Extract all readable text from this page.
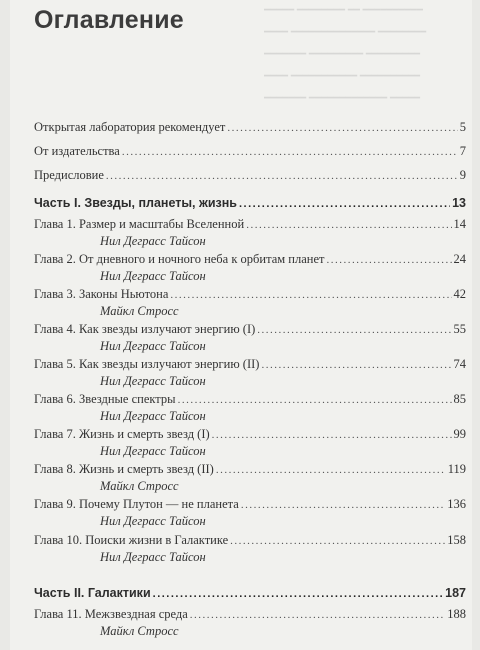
━━━━━ ━━━━━━━━ ━━ ━━━━━━━━━━
━━━━ ━━━━━━━━━━━━━━ ━━━━━━━━
━━━━━━━ ━━━━━━━━━ ━━━━━━━━━
━━━━ ━━━━━━━━━━━ ━━━━━━━━━━
━━━━━━━ ━━━━━━━━━━━━━ ━━━━━
Оглавление
Открытая лаборатория рекомендует .....	5
От издательства .....	7
Предисловие .....	9
Часть I. Звезды, планеты, жизнь .....	13
Глава 1. Размер и масштабы Вселенной .....	14
Нил Деграсс Тайсон
Глава 2. От дневного и ночного неба к орбитам планет .....	24
Нил Деграсс Тайсон
Глава 3. Законы Ньютона .....	42
Майкл Стросс
Глава 4. Как звезды излучают энергию (I) .....	55
Нил Деграсс Тайсон
Глава 5. Как звезды излучают энергию (II) .....	74
Нил Деграсс Тайсон
Глава 6. Звездные спектры .....	85
Нил Деграсс Тайсон
Глава 7. Жизнь и смерть звезд (I) .....	99
Нил Деграсс Тайсон
Глава 8. Жизнь и смерть звезд (II) .....	119
Майкл Стросс
Глава 9. Почему Плутон — не планета .....	136
Нил Деграсс Тайсон
Глава 10. Поиски жизни в Галактике .....	158
Нил Деграсс Тайсон
Часть II. Галактики .....	187
Глава 11. Межзвездная среда .....	188
Майкл Стросс
